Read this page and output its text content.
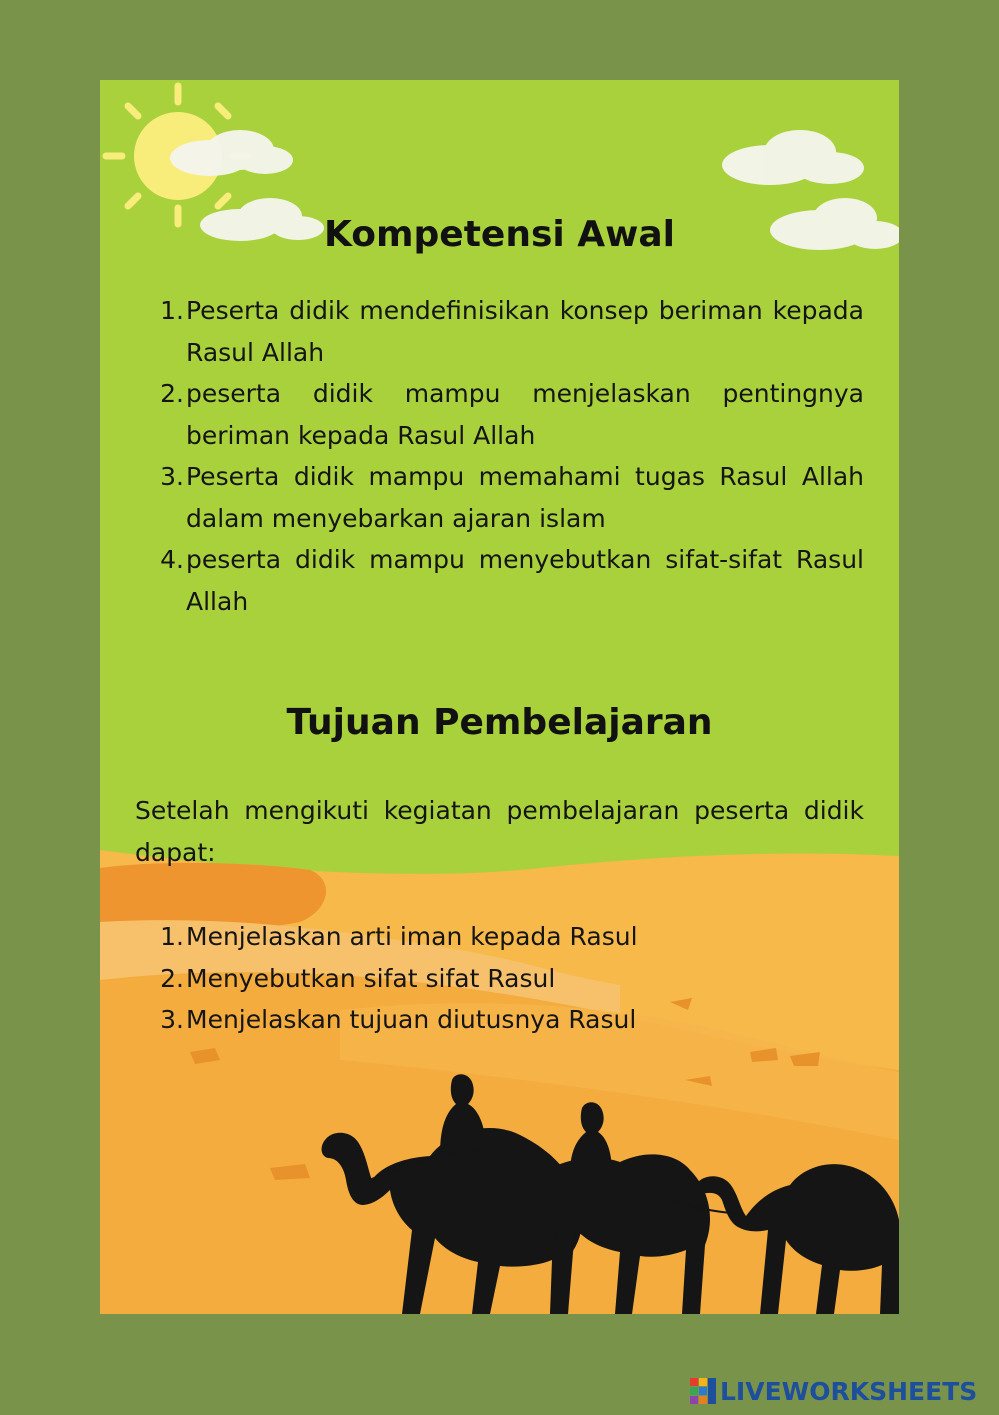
Kompetensi Awal
1. Peserta didik mendefinisikan konsep beriman kepada Rasul Allah
2. peserta didik mampu menjelaskan pentingnya beriman kepada Rasul Allah
3. Peserta didik mampu memahami tugas Rasul Allah dalam menyebarkan ajaran islam
4. peserta didik mampu menyebutkan sifat-sifat Rasul Allah
Tujuan Pembelajaran

Setelah mengikuti kegiatan pembelajaran peserta didik dapat:

1. Menjelaskan arti iman kepada Rasul
2. Menyebutkan sifat sifat Rasul
3. Menjelaskan tujuan diutusnya Rasul
LIVEWORKSHEETS
